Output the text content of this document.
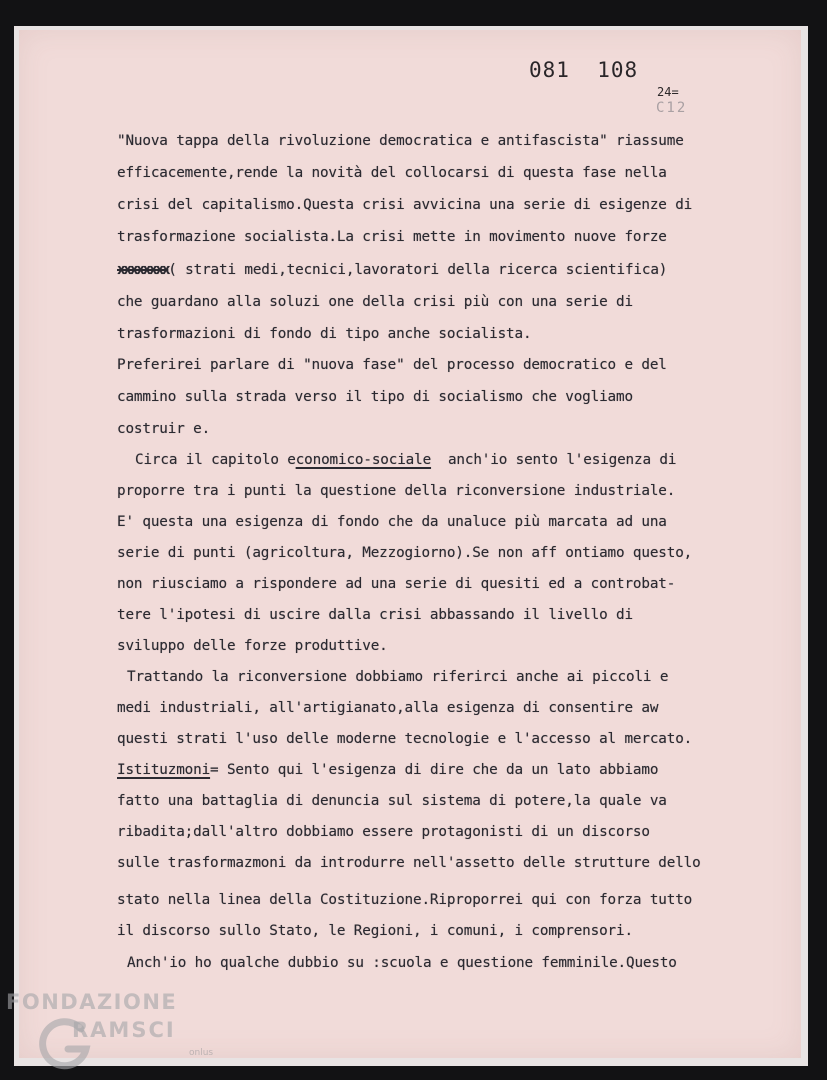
081  108
24=
C12
"Nuova tappa della rivoluzione democratica e antifascista" riassume
efficacemente,rende la novità del collocarsi di questa fase nella
crisi del capitalismo.Questa crisi avvicina una serie di esigenze di
trasformazione socialista.La crisi mette in movimento nuove forze
xxxxxxxx( strati medi,tecnici,lavoratori della ricerca scientifica)
che guardano alla soluzi one della crisi più con una serie di
trasformazioni di fondo di tipo anche socialista.
Preferirei parlare di "nuova fase" del processo democratico e del
cammino sulla strada verso il tipo di socialismo che vogliamo
costruir e.
Circa il capitolo economico-sociale  anch'io sento l'esigenza di
proporre tra i punti la questione della riconversione industriale.
E' questa una esigenza di fondo che da unaluce più marcata ad una
serie di punti (agricoltura, Mezzogiorno).Se non aff ontiamo questo,
non riusciamo a rispondere ad una serie di quesiti ed a controbat-
tere l'ipotesi di uscire dalla crisi abbassando il livello di
sviluppo delle forze produttive.
Trattando la riconversione dobbiamo riferirci anche ai piccoli e
medi industriali, all'artigianato,alla esigenza di consentire aw
questi strati l'uso delle moderne tecnologie e l'accesso al mercato.
Istituzmoni= Sento qui l'esigenza di dire che da un lato abbiamo
fatto una battaglia di denuncia sul sistema di potere,la quale va
ribadita;dall'altro dobbiamo essere protagonisti di un discorso
sulle trasformazmoni da introdurre nell'assetto delle strutture dello
stato nella linea della Costituzione.Riproporrei qui con forza tutto
il discorso sullo Stato, le Regioni, i comuni, i comprensori.
Anch'io ho qualche dubbio su :scuola e questione femminile.Questo
FONDAZIONE
RAMSCI
onlus
